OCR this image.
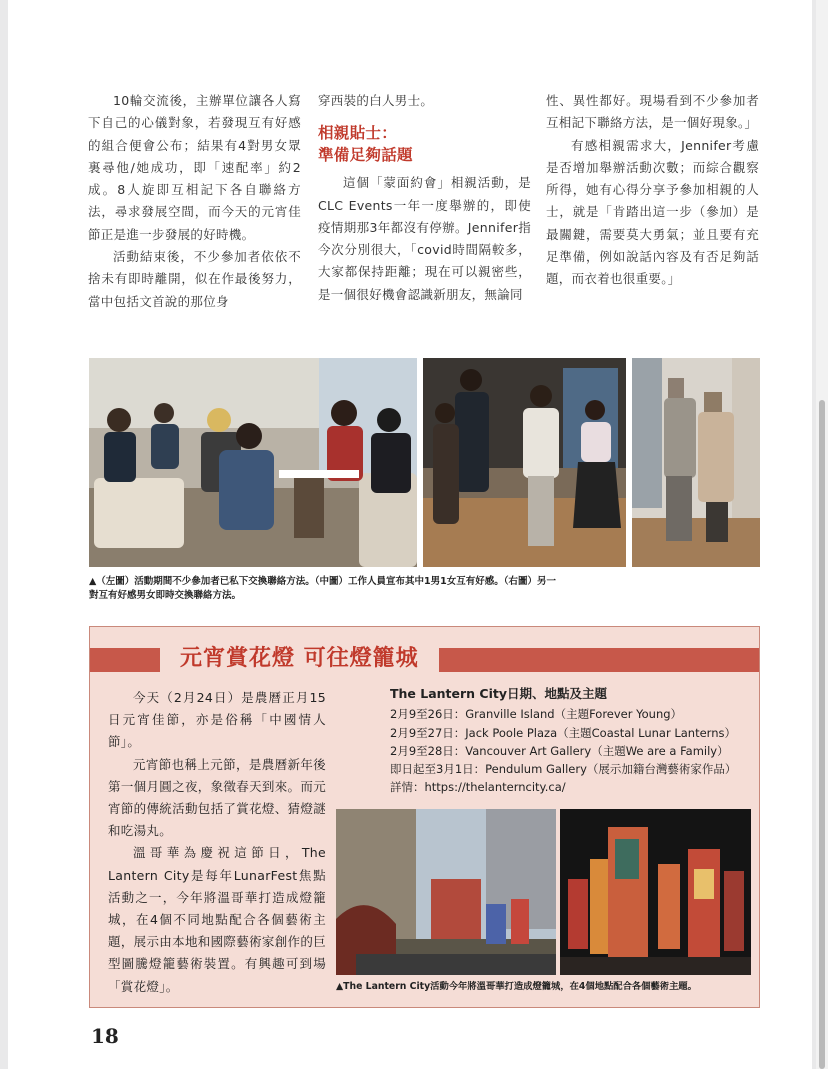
10輪交流後，主辦單位讓各人寫下自己的心儀對象，若發現互有好感的組合便會公布；結果有4對男女眾裏尋他/她成功，即「速配率」約2成。8人旋即互相記下各自聯絡方法，尋求發展空間，而今天的元宵佳節正是進一步發展的好時機。

活動結束後，不少參加者依依不捨未有即時離開，似在作最後努力，當中包括文首說的那位身

穿西裝的白人男士。

相親貼士：
準備足夠話題

這個「蒙面約會」相親活動，是CLC Events一年一度舉辦的，即使疫情期那3年都沒有停辦。Jennifer指今次分別很大，「covid時間隔較多，大家都保持距離；現在可以親密些，是一個很好機會認識新朋友，無論同

性、異性都好。現場看到不少參加者互相記下聯絡方法，是一個好現象。」

有感相親需求大，Jennifer考慮是否增加舉辦活動次數；而綜合觀察所得，她有心得分享予參加相親的人士，就是「肯踏出這一步（參加）是最關鍵，需要莫大勇氣；並且要有充足準備，例如說話內容及有否足夠話題，而衣着也很重要。」

▲（左圖）活動期間不少參加者已私下交換聯絡方法。（中圖）工作人員宣布其中1男1女互有好感。（右圖）另一對互有好感男女即時交換聯絡方法。
元宵賞花燈 可往燈籠城

今天（2月24日）是農曆正月15日元宵佳節，亦是俗稱「中國情人節」。

元宵節也稱上元節，是農曆新年後第一個月圓之夜，象徵春天到來。而元宵節的傳統活動包括了賞花燈、猜燈謎和吃湯丸。

溫哥華為慶祝這節日，The Lantern City是每年LunarFest焦點活動之一，今年將溫哥華打造成燈籠城，在4個不同地點配合各個藝術主題，展示由本地和國際藝術家創作的巨型圖騰燈籠藝術裝置。有興趣可到場「賞花燈」。

The Lantern City日期、地點及主題
2月9至26日：Granville Island（主題Forever Young）
2月9至27日：Jack Poole Plaza（主題Coastal Lunar Lanterns）
2月9至28日：Vancouver Art Gallery（主題We are a Family）
即日起至3月1日：Pendulum Gallery（展示加籍台灣藝術家作品）
詳情：https://thelanterncity.ca/
▲The Lantern City活動今年將溫哥華打造成燈籠城，在4個地點配合各個藝術主題。
18
